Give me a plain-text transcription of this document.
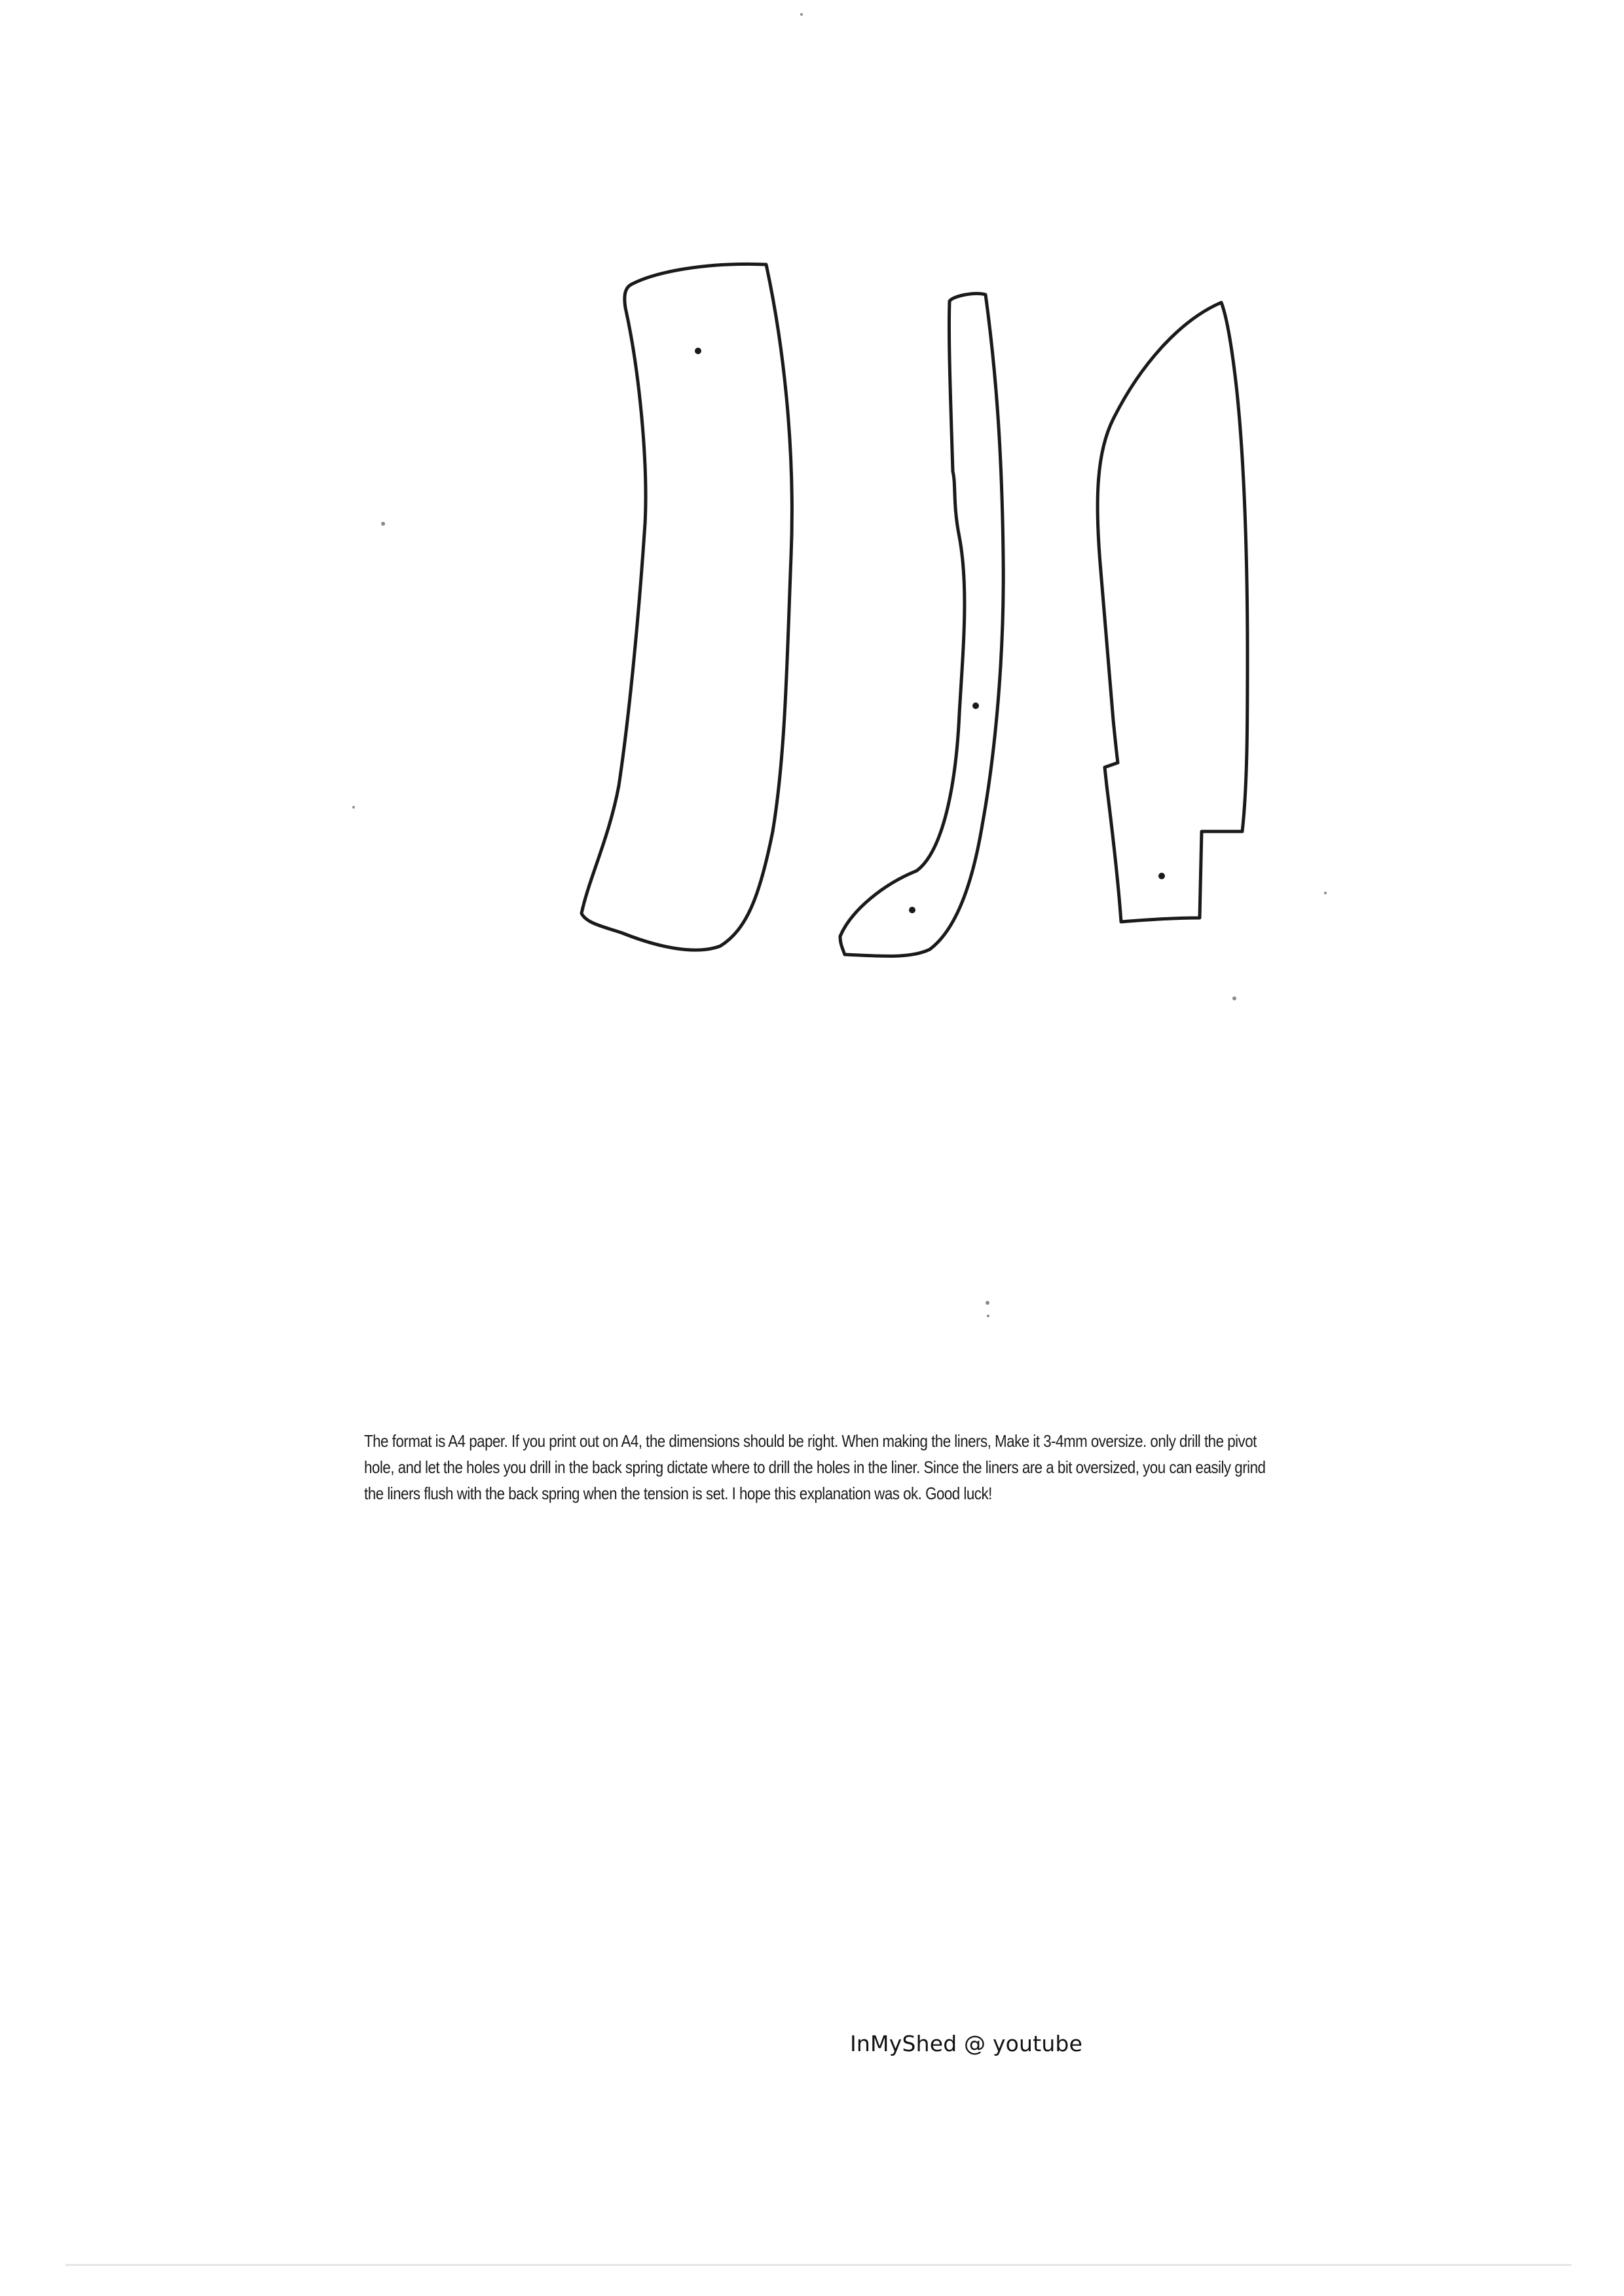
The format is A4 paper. If you print out on A4, the dimensions should be right. When making the liners, Make it 3-4mm oversize. only drill the pivot hole, and let the holes you drill in the back spring dictate where to drill the holes in the liner. Since the liners are a bit oversized, you can easily grind the liners flush with the back spring when the tension is set. I hope this explanation was ok. Good luck!

InMyShed @ youtube
